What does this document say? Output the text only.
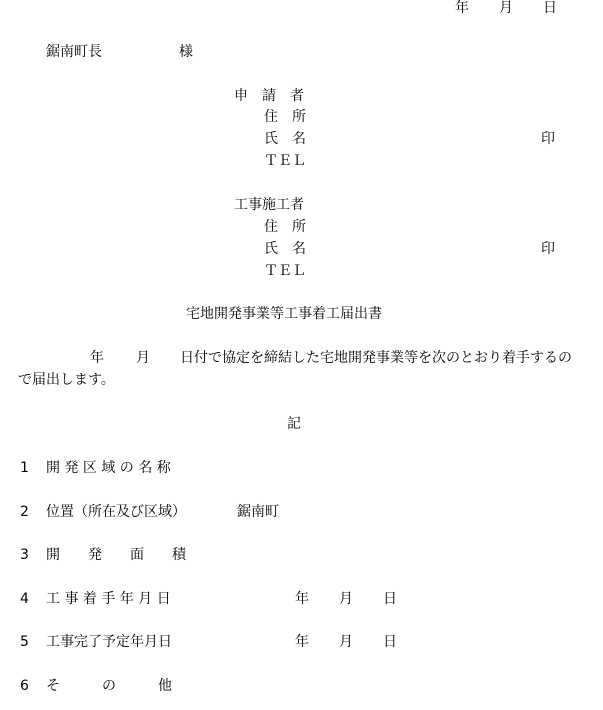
年 月 日
鋸南町長	様
申　請　者
住　所
氏　名	印
ＴＥＬ
工事施工者
住　所
氏　名	印
ＴＥＬ
宅地開発事業等工事着工届出書
年 月 日付で協定を締結した宅地開発事業等を次のとおり着手するの
で届出します。
記
1 開 発 区 域 の 名 称
2 位置（所在及び区域）	鋸南町
3 開　　発　　面　　積
4 工 事 着 手 年 月 日	年 月 日
5 工事完了予定年月日	年 月 日
6 そ　　　の　　　他
